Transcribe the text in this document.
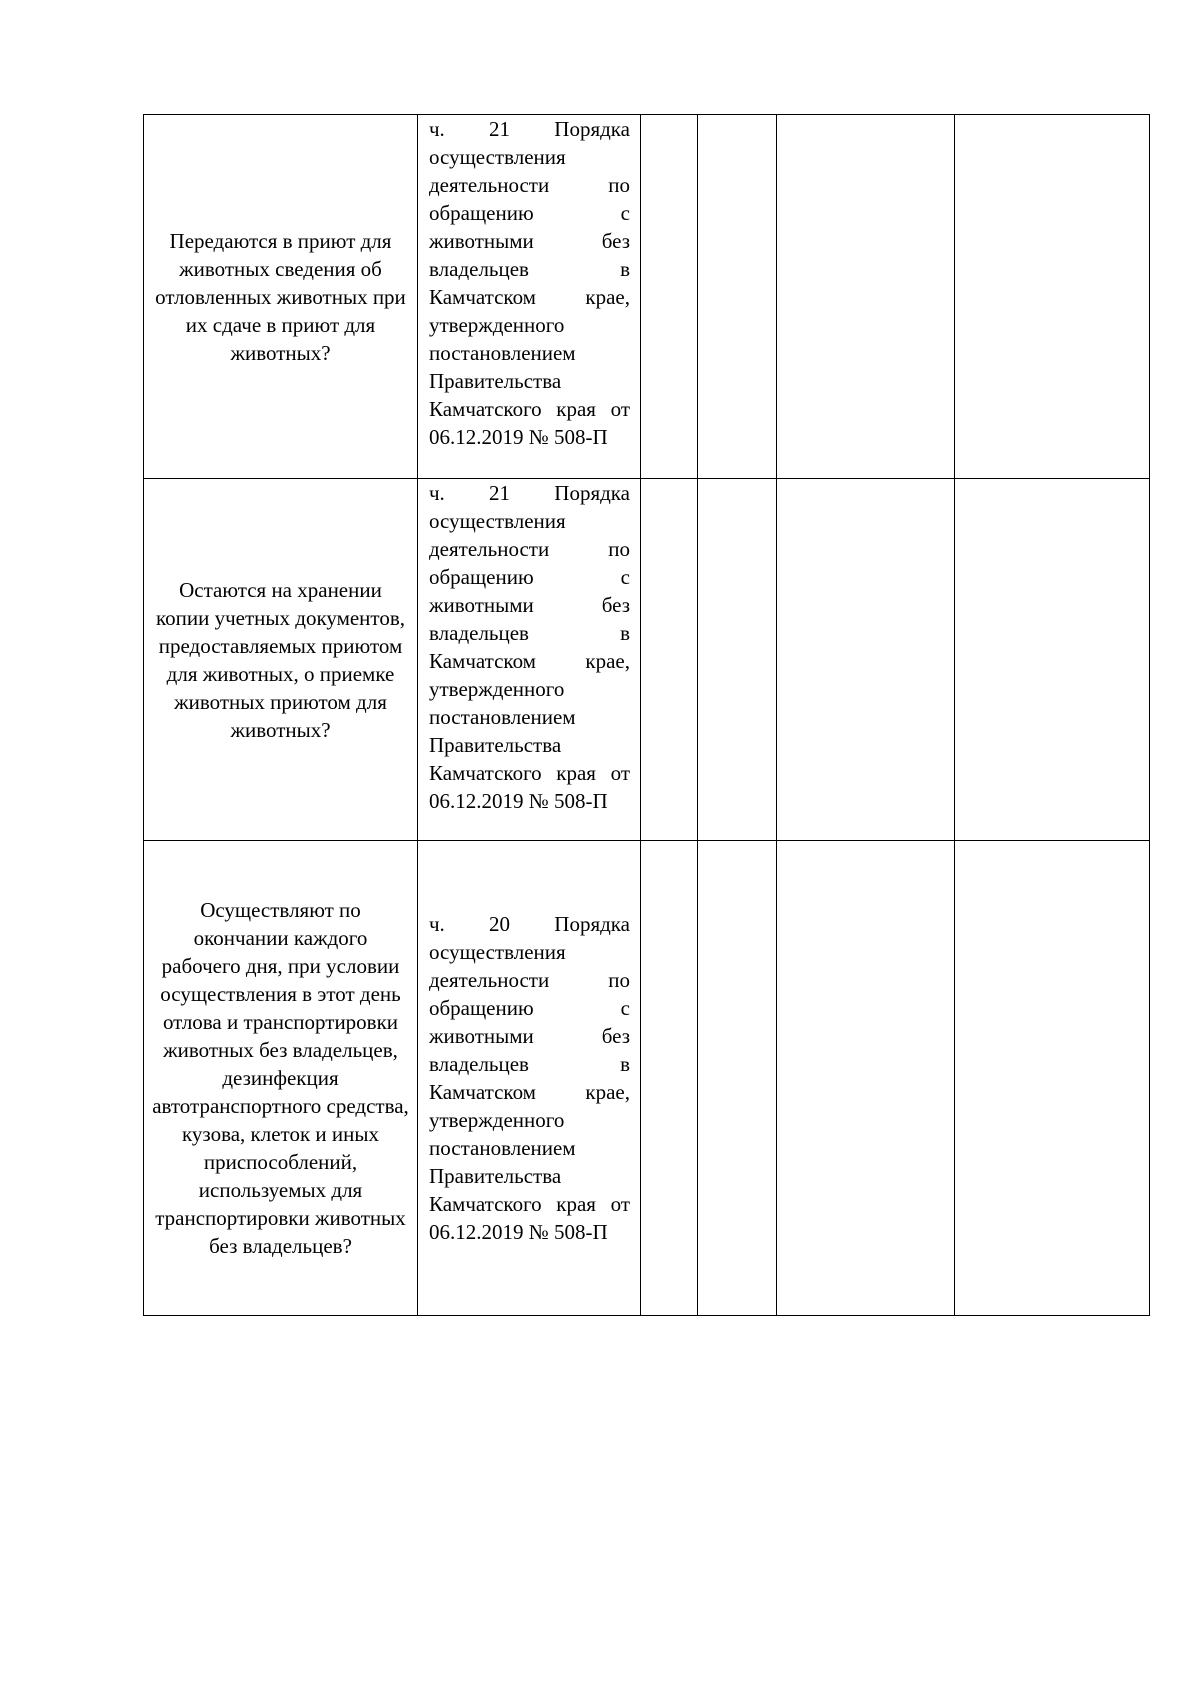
Передаются в приют для животных сведения об отловленных животных при их сдаче в приют для животных?	ч. 21 Порядка осуществления деятельности по обращению с животными без владельцев в Камчатском крае, утвержденного постановлением Правительства Камчатского края от 06.12.2019 № 508-П				
Остаются на хранении копии учетных документов, предоставляемых приютом для животных, о приемке животных приютом для животных?	ч. 21 Порядка осуществления деятельности по обращению с животными без владельцев в Камчатском крае, утвержденного постановлением Правительства Камчатского края от 06.12.2019 № 508-П				
Осуществляют по окончании каждого рабочего дня, при условии осуществления в этот день отлова и транспортировки животных без владельцев, дезинфекция автотранспортного средства, кузова, клеток и иных приспособлений, используемых для транспортировки животных без владельцев?	ч. 20 Порядка осуществления деятельности по обращению с животными без владельцев в Камчатском крае, утвержденного постановлением Правительства Камчатского края от 06.12.2019 № 508-П				
